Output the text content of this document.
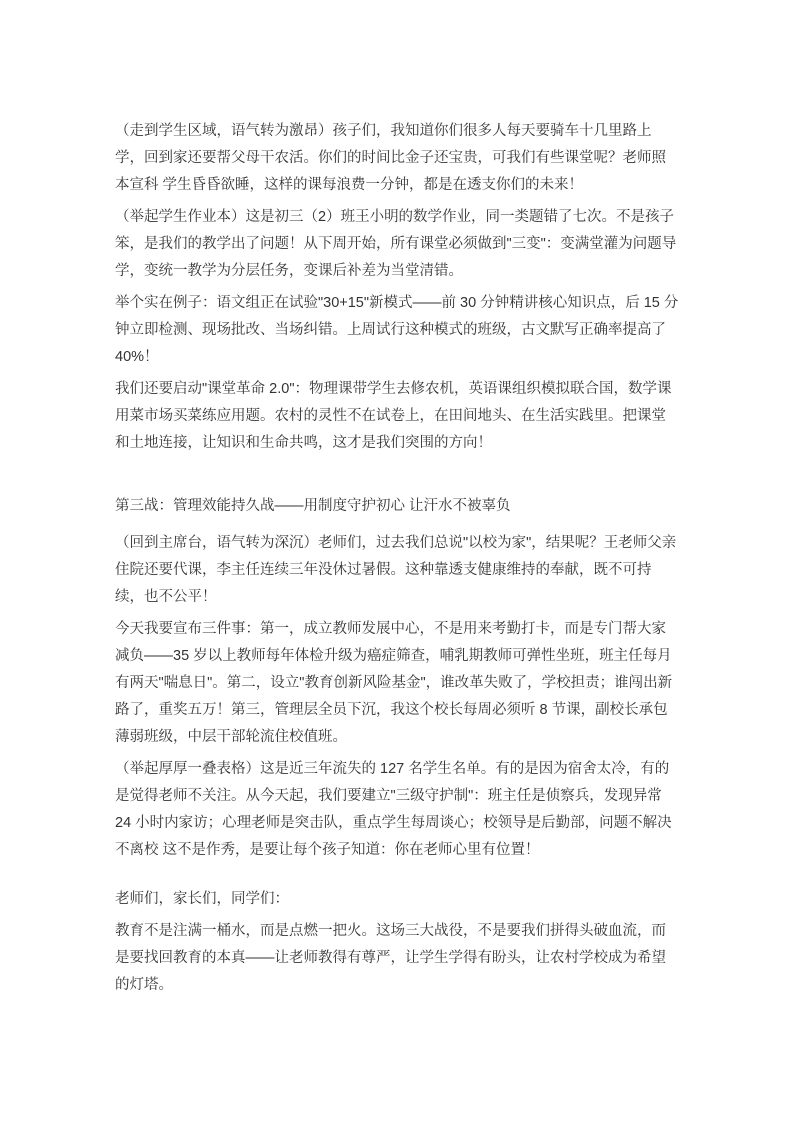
（走到学生区域，语气转为激昂）孩子们，我知道你们很多人每天要骑车十几里路上学，回到家还要帮父母干农活。你们的时间比金子还宝贵，可我们有些课堂呢？老师照本宣科 学生昏昏欲睡，这样的课每浪费一分钟，都是在透支你们的未来！

（举起学生作业本）这是初三（2）班王小明的数学作业，同一类题错了七次。不是孩子笨，是我们的教学出了问题！从下周开始，所有课堂必须做到"三变"：变满堂灌为问题导学，变统一教学为分层任务，变课后补差为当堂清错。

举个实在例子：语文组正在试验"30+15"新模式——前 30 分钟精讲核心知识点，后 15 分钟立即检测、现场批改、当场纠错。上周试行这种模式的班级，古文默写正确率提高了 40%！

我们还要启动"课堂革命 2.0"：物理课带学生去修农机，英语课组织模拟联合国，数学课用菜市场买菜练应用题。农村的灵性不在试卷上，在田间地头、在生活实践里。把课堂和土地连接，让知识和生命共鸣，这才是我们突围的方向！

第三战：管理效能持久战——用制度守护初心 让汗水不被辜负

（回到主席台，语气转为深沉）老师们，过去我们总说"以校为家"，结果呢？王老师父亲住院还要代课，李主任连续三年没休过暑假。这种靠透支健康维持的奉献，既不可持续，也不公平！

今天我要宣布三件事：第一，成立教师发展中心，不是用来考勤打卡，而是专门帮大家减负——35 岁以上教师每年体检升级为癌症筛查，哺乳期教师可弹性坐班，班主任每月有两天"喘息日"。第二，设立"教育创新风险基金"，谁改革失败了，学校担责；谁闯出新路了，重奖五万！第三，管理层全员下沉，我这个校长每周必须听 8 节课，副校长承包薄弱班级，中层干部轮流住校值班。

（举起厚厚一叠表格）这是近三年流失的 127 名学生名单。有的是因为宿舍太冷，有的是觉得老师不关注。从今天起，我们要建立"三级守护制"：班主任是侦察兵，发现异常 24 小时内家访；心理老师是突击队，重点学生每周谈心；校领导是后勤部，问题不解决不离校 这不是作秀，是要让每个孩子知道：你在老师心里有位置！

老师们，家长们，同学们：

教育不是注满一桶水，而是点燃一把火。这场三大战役，不是要我们拼得头破血流，而是要找回教育的本真——让老师教得有尊严，让学生学得有盼头，让农村学校成为希望的灯塔。
